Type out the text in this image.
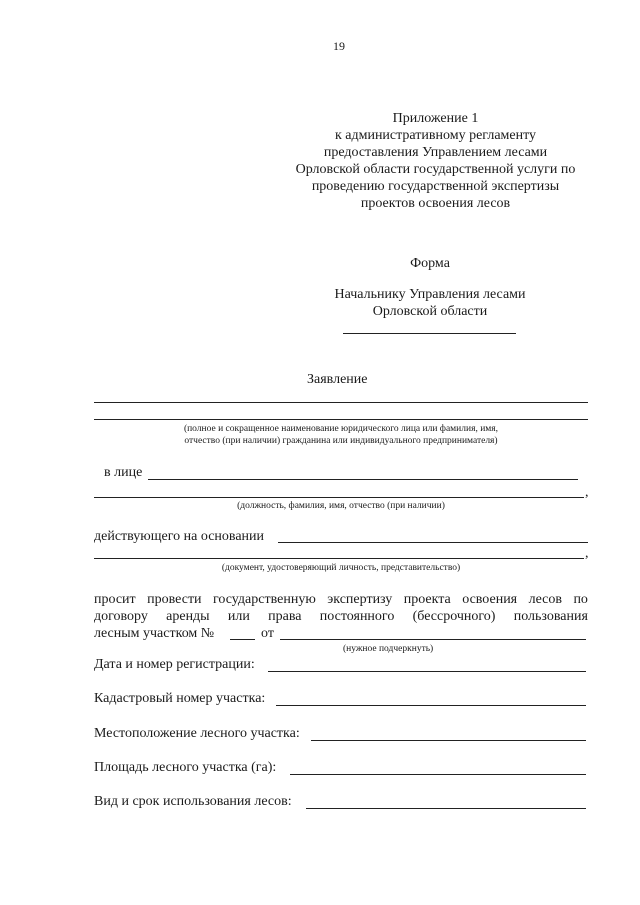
19
Приложение 1
к административному регламенту
предоставления Управлением лесами
Орловской области государственной услуги по
проведению государственной экспертизы
проектов освоения лесов
Форма
Начальнику Управления лесами
Орловской области
Заявление
(полное и сокращенное наименование юридического лица или фамилия, имя,
отчество (при наличии) гражданина или индивидуального предпринимателя)
в лице
,
(должность, фамилия, имя, отчество (при наличии)
действующего на основании
,
(документ, удостоверяющий личность, представительство)
просит провести государственную экспертизу проекта освоения лесов по
договору аренды или права постоянного (бессрочного) пользования
лесным участком №	от
(нужное подчеркнуть)
Дата и номер регистрации:
Кадастровый номер участка:
Местоположение лесного участка:
Площадь лесного участка (га):
Вид и срок использования лесов:
